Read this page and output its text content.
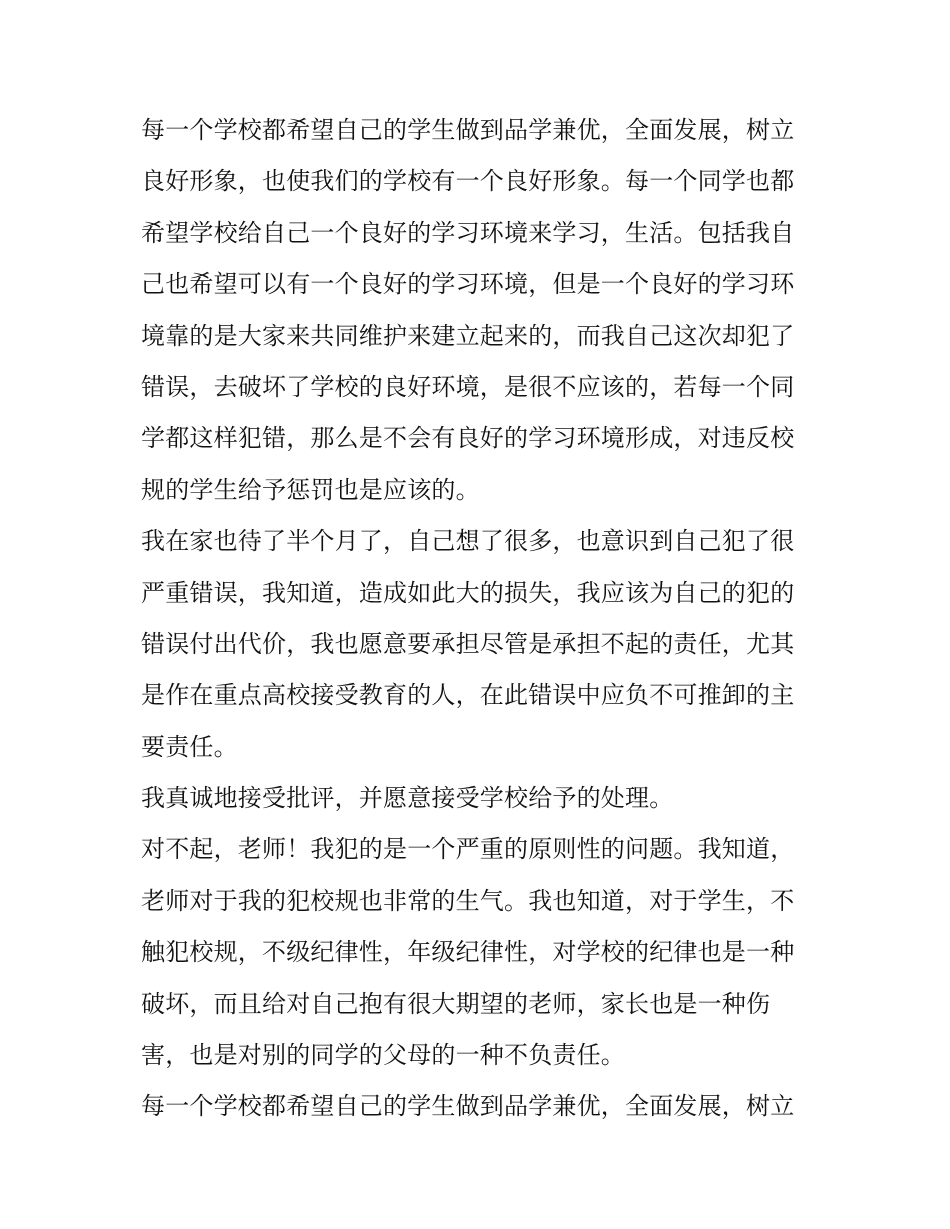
每一个学校都希望自己的学生做到品学兼优，全面发展，树立
良好形象，也使我们的学校有一个良好形象。每一个同学也都
希望学校给自己一个良好的学习环境来学习，生活。包括我自
己也希望可以有一个良好的学习环境，但是一个良好的学习环
境靠的是大家来共同维护来建立起来的，而我自己这次却犯了
错误，去破坏了学校的良好环境，是很不应该的，若每一个同
学都这样犯错，那么是不会有良好的学习环境形成，对违反校
规的学生给予惩罚也是应该的。
我在家也待了半个月了，自己想了很多，也意识到自己犯了很
严重错误，我知道，造成如此大的损失，我应该为自己的犯的
错误付出代价，我也愿意要承担尽管是承担不起的责任，尤其
是作在重点高校接受教育的人，在此错误中应负不可推卸的主
要责任。
我真诚地接受批评，并愿意接受学校给予的处理。
对不起，老师！我犯的是一个严重的原则性的问题。我知道，
老师对于我的犯校规也非常的生气。我也知道，对于学生，不
触犯校规，不级纪律性，年级纪律性，对学校的纪律也是一种
破坏，而且给对自己抱有很大期望的老师，家长也是一种伤
害，也是对别的同学的父母的一种不负责任。
每一个学校都希望自己的学生做到品学兼优，全面发展，树立
